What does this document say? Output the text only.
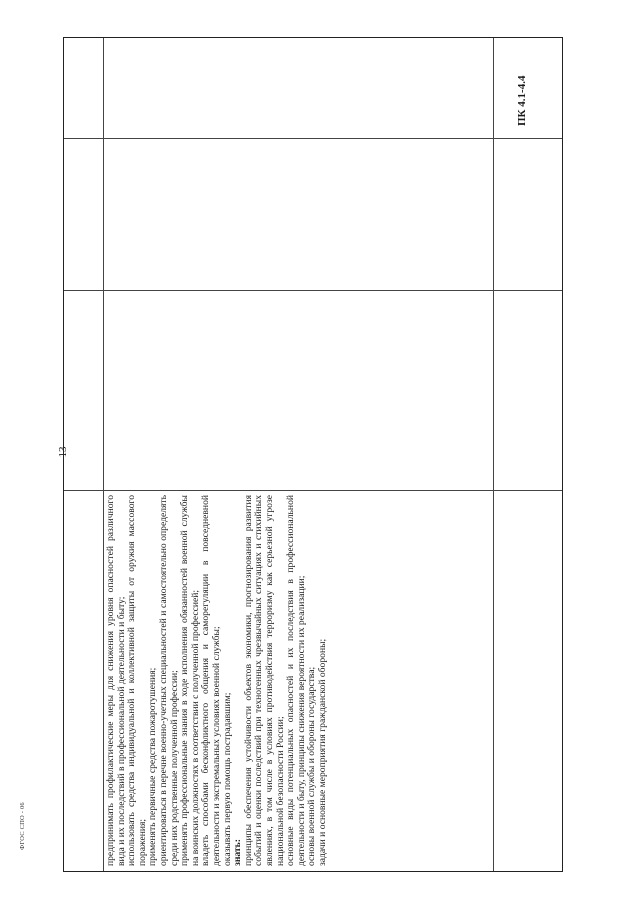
13

предпринимать профилактические меры для снижения уровня опасностей различного вида и их последствий в профессиональной деятельности и быту; использовать средства индивидуальной и коллективной защиты от оружия массового поражения; применять первичные средства пожаротушения; ориентироваться в перечне военно-учетных специальностей и самостоятельно определять среди них родственные полученной профессии; применять профессиональные знания в ходе исполнения обязанностей военной службы на воинских должностях в соответствии с полученной профессией; владеть способами бесконфликтного общения и саморегуляции в повседневной деятельности и экстремальных условиях военной службы; оказывать первую помощь пострадавшим; знать: принципы обеспечения устойчивости объектов экономики, прогнозирования развития событий и оценки последствий при техногенных чрезвычайных ситуациях и стихийных явлениях, в том числе в условиях противодействия терроризму как серьезной угрозе национальной безопасности России; основные виды потенциальных опасностей и их последствия в профессиональной деятельности и быту, принципы снижения вероятности их реализации; основы военной службы и обороны государства; задачи и основные мероприятия гражданской обороны;

ПК 4.1-4.4
ФГОС СПО - 06
